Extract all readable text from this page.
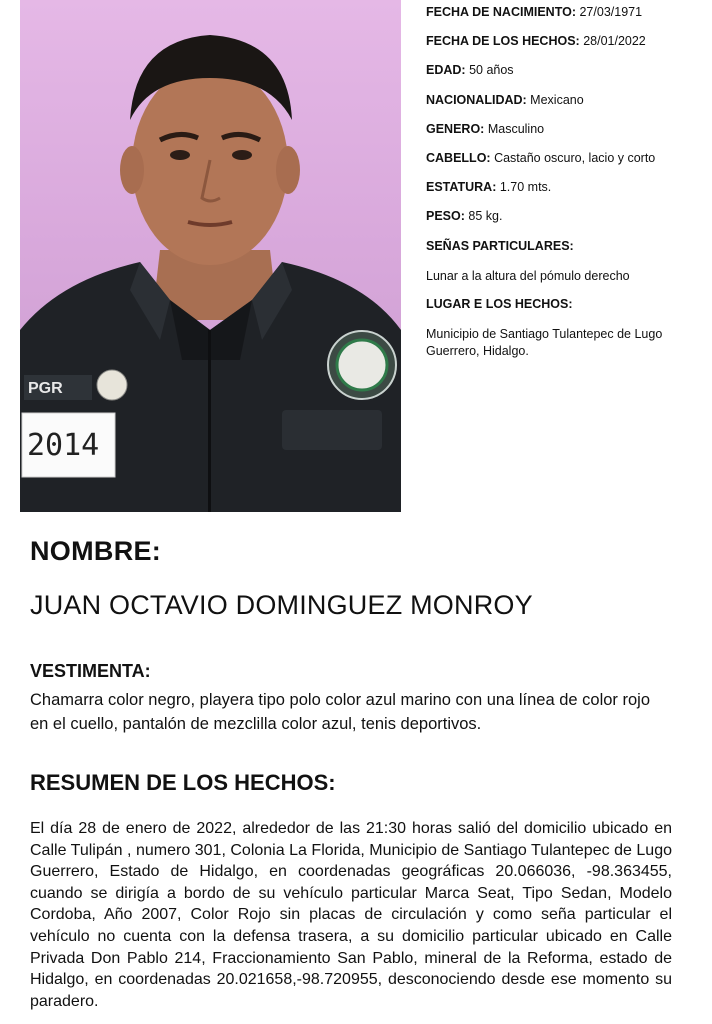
PGR
2014
FECHA DE NACIMIENTO: 27/03/1971
FECHA DE LOS HECHOS: 28/01/2022
EDAD: 50 años
NACIONALIDAD: Mexicano
GENERO: Masculino
CABELLO: Castaño oscuro, lacio y corto
ESTATURA: 1.70 mts.
PESO: 85 kg.
SEÑAS PARTICULARES:
Lunar a la altura del pómulo derecho
LUGAR E LOS HECHOS:
Municipio de Santiago Tulantepec de Lugo Guerrero, Hidalgo.
NOMBRE:
JUAN OCTAVIO DOMINGUEZ MONROY
VESTIMENTA:
Chamarra color negro, playera tipo polo color azul marino con una línea de color rojo en el cuello, pantalón de mezclilla color azul, tenis deportivos.
RESUMEN DE LOS HECHOS:
El día 28 de enero de 2022, alrededor de las 21:30 horas salió del domicilio ubicado en Calle Tulipán , numero 301, Colonia La Florida, Municipio de Santiago Tulantepec de Lugo Guerrero, Estado de Hidalgo, en coordenadas geográficas 20.066036, -98.363455, cuando se dirigía a bordo de su vehículo particular Marca Seat, Tipo Sedan, Modelo Cordoba, Año 2007, Color Rojo sin placas de circulación y como seña particular el vehículo no cuenta con la defensa trasera, a su domicilio particular ubicado en Calle Privada Don Pablo 214, Fraccionamiento San Pablo, mineral de la Reforma, estado de Hidalgo, en coordenadas 20.021658,-98.720955, desconociendo desde ese momento su paradero.
